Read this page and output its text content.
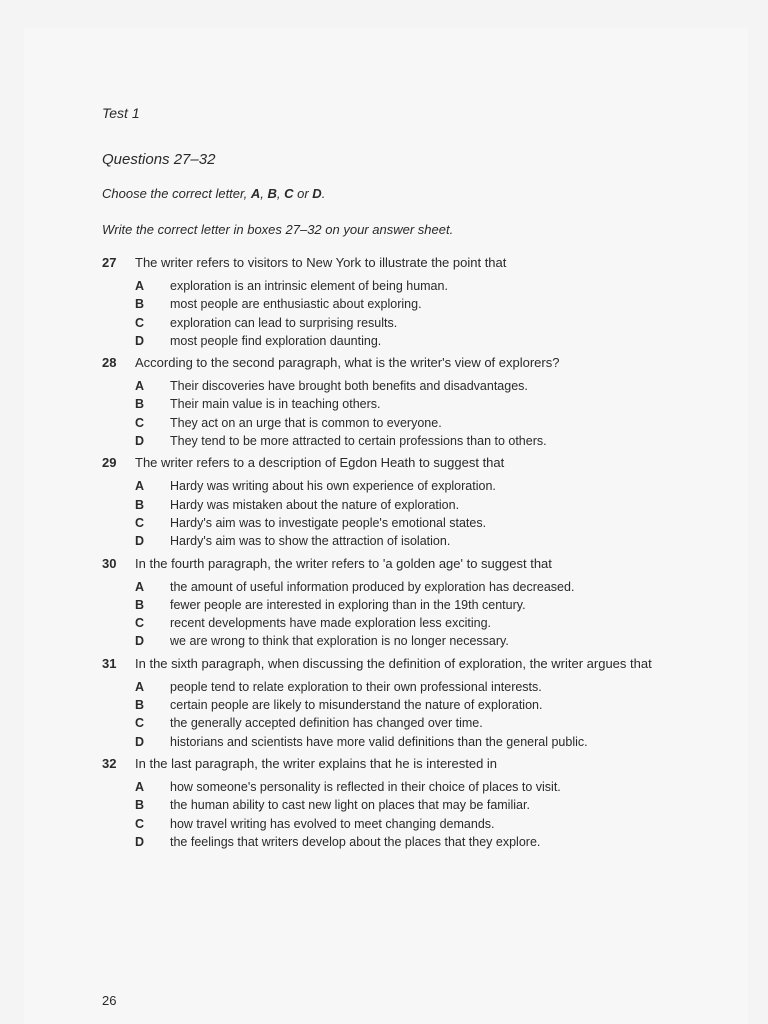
Test 1
Questions 27–32
Choose the correct letter, A, B, C or D.
Write the correct letter in boxes 27–32 on your answer sheet.
27	The writer refers to visitors to New York to illustrate the point that
A	exploration is an intrinsic element of being human.
B	most people are enthusiastic about exploring.
C	exploration can lead to surprising results.
D	most people find exploration daunting.
28	According to the second paragraph, what is the writer's view of explorers?
A	Their discoveries have brought both benefits and disadvantages.
B	Their main value is in teaching others.
C	They act on an urge that is common to everyone.
D	They tend to be more attracted to certain professions than to others.
29	The writer refers to a description of Egdon Heath to suggest that
A	Hardy was writing about his own experience of exploration.
B	Hardy was mistaken about the nature of exploration.
C	Hardy's aim was to investigate people's emotional states.
D	Hardy's aim was to show the attraction of isolation.
30	In the fourth paragraph, the writer refers to 'a golden age' to suggest that
A	the amount of useful information produced by exploration has decreased.
B	fewer people are interested in exploring than in the 19th century.
C	recent developments have made exploration less exciting.
D	we are wrong to think that exploration is no longer necessary.
31	In the sixth paragraph, when discussing the definition of exploration, the writer argues that
A	people tend to relate exploration to their own professional interests.
B	certain people are likely to misunderstand the nature of exploration.
C	the generally accepted definition has changed over time.
D	historians and scientists have more valid definitions than the general public.
32	In the last paragraph, the writer explains that he is interested in
A	how someone's personality is reflected in their choice of places to visit.
B	the human ability to cast new light on places that may be familiar.
C	how travel writing has evolved to meet changing demands.
D	the feelings that writers develop about the places that they explore.
26
